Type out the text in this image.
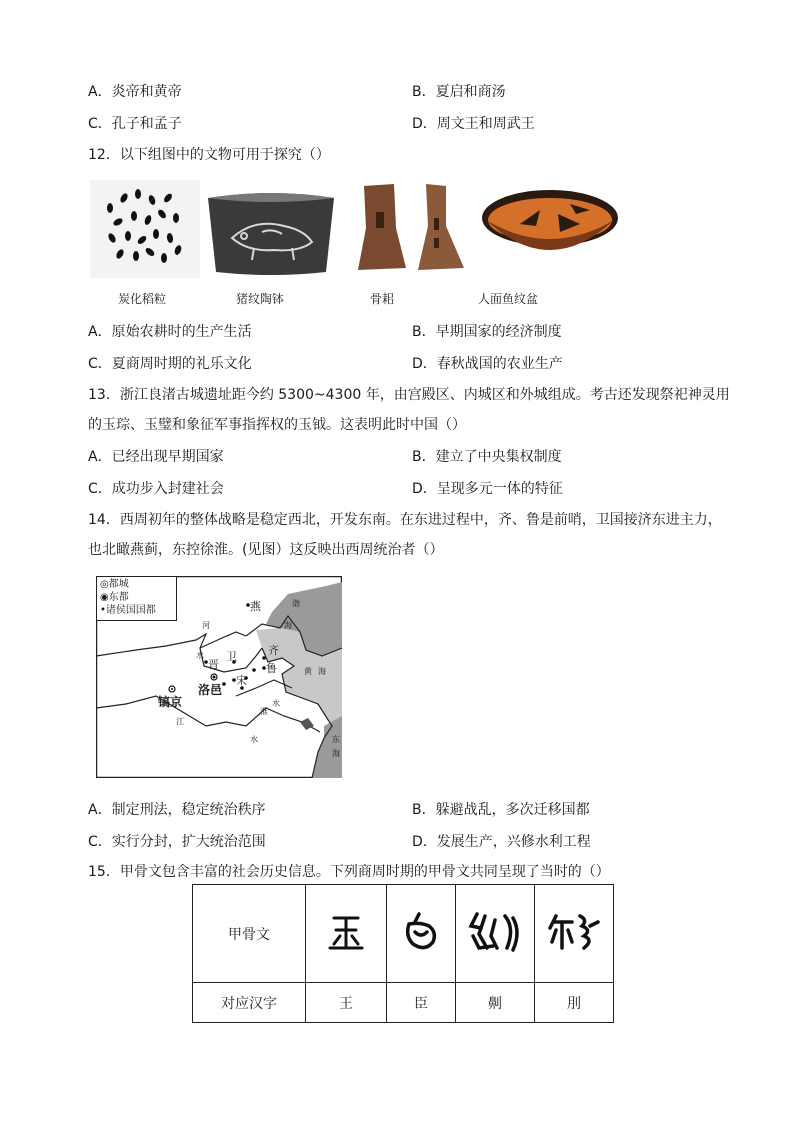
A．炎帝和黄帝	B．夏启和商汤
C．孔子和孟子	D．周文王和周武王
12．以下组图中的文物可用于探究（）
炭化稻粒	猪纹陶钵	骨耜	人面鱼纹盆
A．原始农耕时的生产生活	B．早期国家的经济制度
C．夏商周时期的礼乐文化	D．春秋战国的农业生产
13．浙江良渚古城遗址距今约 5300~4300 年，由宫殿区、内城区和外城组成。考古还发现祭祀神灵用
的玉琮、玉璧和象征军事指挥权的玉钺。这表明此时中国（）
A．已经出现早期国家	B．建立了中央集权制度
C．成功步入封建社会	D．呈现多元一体的特征
14．西周初年的整体战略是稳定西北，开发东南。在东进过程中，齐、鲁是前哨，卫国接济东进主力，
也北瞰燕蓟，东控徐淮。(见图）这反映出西周统治者（）
◎都城
◉东都
•诸侯国国都	燕
晋
卫	齐
鲁
宋
洛邑
镐京
河
水
江
水
淮
水
渤
海
黄 海
东
海
A．制定刑法，稳定统治秩序	B．躲避战乱，多次迁移国都
C．实行分封，扩大统治范围	D．发展生产，兴修水利工程
15．甲骨文包含丰富的社会历史信息。下列商周时期的甲骨文共同呈现了当时的（）
甲骨文				
对应汉字	王	臣	劓	刖
